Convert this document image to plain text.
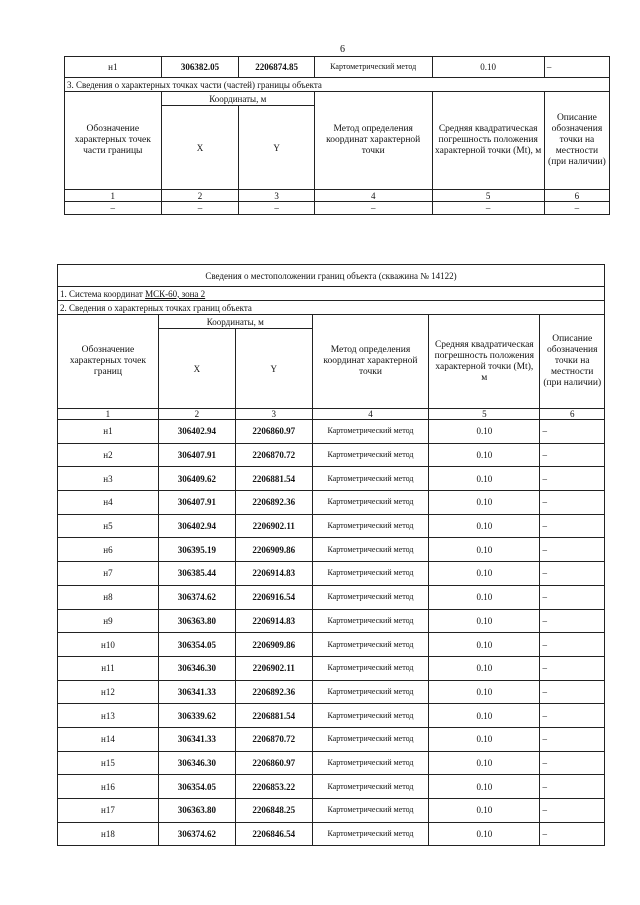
6
н1	306382.05	2206874.85	Картометрический метод	0.10	–
3. Сведения о характерных точках части (частей) границы объекта					
Обозначение характерных точек части границы	Координаты, м		Метод определения координат характерной точки	Средняя квадратическая погрешность положения характерной точки (Mt), м	Описание обозначения точки на местности (при наличии)
	X	Y			
1	2	3	4	5	6
–	–	–	–	–	–
Сведения о местоположении границ объекта (скважина № 14122)					
1. Система координат МСК-60, зона 2					
2. Сведения о характерных точках границ объекта					
Обозначение характерных точек границ	Координаты, м		Метод определения координат характерной точки	Средняя квадратическая погрешность положения характерной точки (Mt), м	Описание обозначения точки на местности (при наличии)
	X	Y			
1	2	3	4	5	6
н1	306402.94	2206860.97	Картометрический метод	0.10	–
н2	306407.91	2206870.72	Картометрический метод	0.10	–
н3	306409.62	2206881.54	Картометрический метод	0.10	–
н4	306407.91	2206892.36	Картометрический метод	0.10	–
н5	306402.94	2206902.11	Картометрический метод	0.10	–
н6	306395.19	2206909.86	Картометрический метод	0.10	–
н7	306385.44	2206914.83	Картометрический метод	0.10	–
н8	306374.62	2206916.54	Картометрический метод	0.10	–
н9	306363.80	2206914.83	Картометрический метод	0.10	–
н10	306354.05	2206909.86	Картометрический метод	0.10	–
н11	306346.30	2206902.11	Картометрический метод	0.10	–
н12	306341.33	2206892.36	Картометрический метод	0.10	–
н13	306339.62	2206881.54	Картометрический метод	0.10	–
н14	306341.33	2206870.72	Картометрический метод	0.10	–
н15	306346.30	2206860.97	Картометрический метод	0.10	–
н16	306354.05	2206853.22	Картометрический метод	0.10	–
н17	306363.80	2206848.25	Картометрический метод	0.10	–
н18	306374.62	2206846.54	Картометрический метод	0.10	–
